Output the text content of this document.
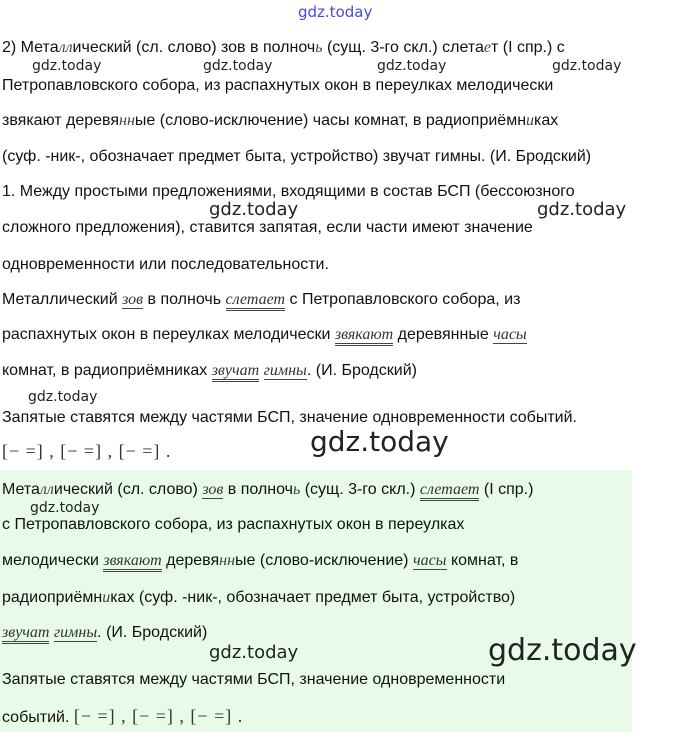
gdz.today
gdz.today	gdz.today	gdz.today	gdz.today
gdz.today	gdz.today
gdz.today
gdz.today
gdz.today
gdz.today	gdz.today
2) Металлический (сл. слово) зов в полночь (сущ. 3-го скл.) слетает (I спр.) с
Петропавловского собора, из распахнутых окон в переулках мелодически
звякают деревянные (слово-исключение) часы комнат, в радиоприёмниках
(суф. -ник-, обозначает предмет быта, устройство) звучат гимны. (И. Бродский)
1. Между простыми предложениями, входящими в состав БСП (бессоюзного
сложного предложения), ставится запятая, если части имеют значение
одновременности или последовательности.
Металлический зов в полночь слетает с Петропавловского собора, из
распахнутых окон в переулках мелодически звякают деревянные часы
комнат, в радиоприёмниках звучат гимны. (И. Бродский)
Запятые ставятся между частями БСП, значение одновременности событий.
[− =] , [− =] , [− =] .
Металлический (сл. слово) зов в полночь (сущ. 3-го скл.) слетает (I спр.)
с Петропавловского собора, из распахнутых окон в переулках
мелодически звякают деревянные (слово-исключение) часы комнат, в
радиоприёмниках (суф. -ник-, обозначает предмет быта, устройство)
звучат гимны. (И. Бродский)
Запятые ставятся между частями БСП, значение одновременности
событий. [− =] , [− =] , [− =] .
